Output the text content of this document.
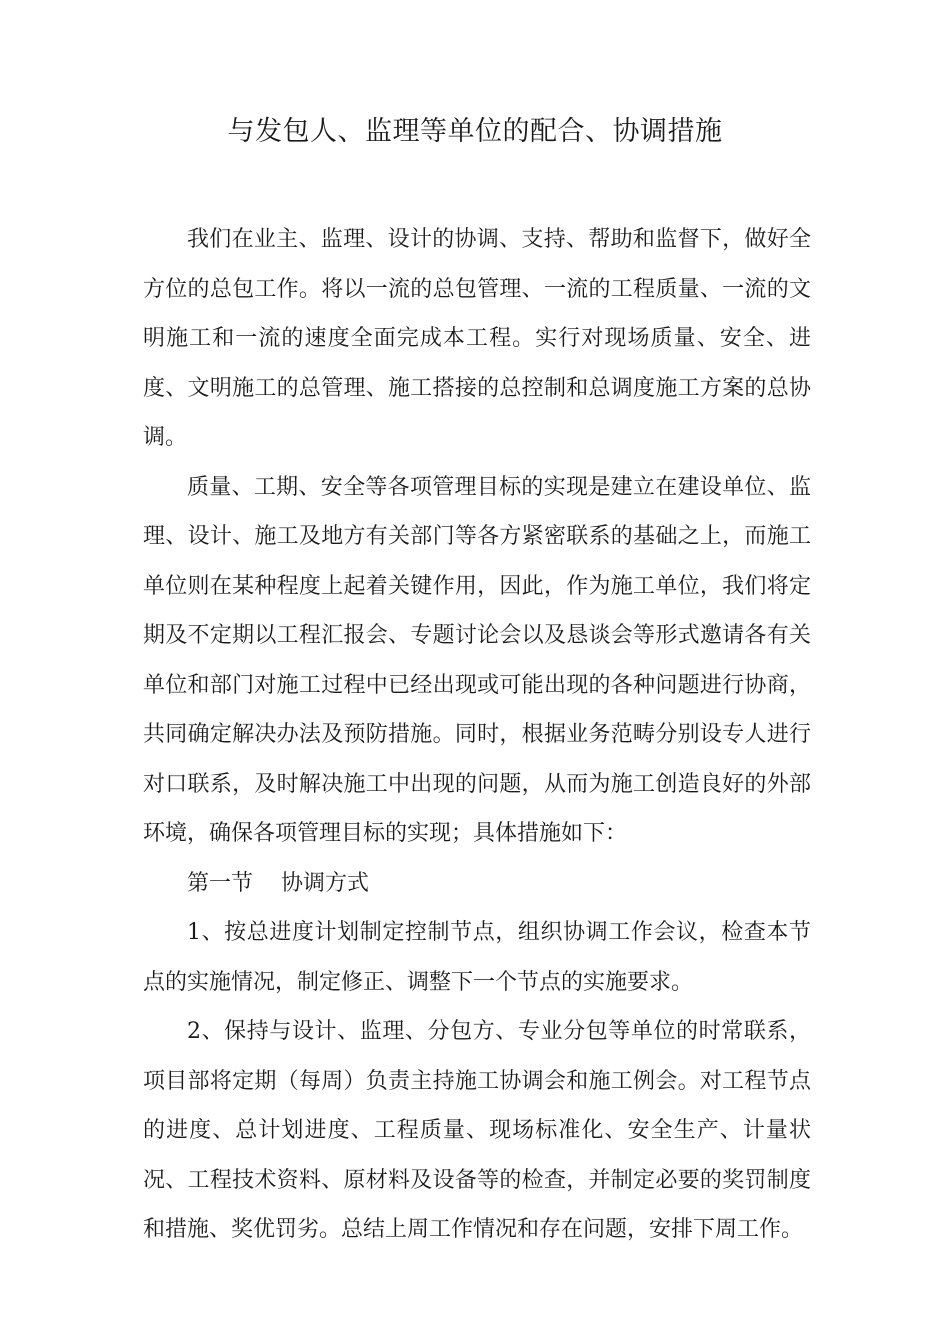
与发包人、监理等单位的配合、协调措施

我们在业主、监理、设计的协调、支持、帮助和监督下，做好全方位的总包工作。将以一流的总包管理、一流的工程质量、一流的文明施工和一流的速度全面完成本工程。实行对现场质量、安全、进度、文明施工的总管理、施工搭接的总控制和总调度施工方案的总协调。

质量、工期、安全等各项管理目标的实现是建立在建设单位、监理、设计、施工及地方有关部门等各方紧密联系的基础之上，而施工单位则在某种程度上起着关键作用，因此，作为施工单位，我们将定期及不定期以工程汇报会、专题讨论会以及恳谈会等形式邀请各有关单位和部门对施工过程中已经出现或可能出现的各种问题进行协商，共同确定解决办法及预防措施。同时，根据业务范畴分别设专人进行对口联系，及时解决施工中出现的问题，从而为施工创造良好的外部环境，确保各项管理目标的实现；具体措施如下：

第一节    协调方式

1、按总进度计划制定控制节点，组织协调工作会议，检查本节点的实施情况，制定修正、调整下一个节点的实施要求。

2、保持与设计、监理、分包方、专业分包等单位的时常联系，项目部将定期（每周）负责主持施工协调会和施工例会。对工程节点的进度、总计划进度、工程质量、现场标准化、安全生产、计量状况、工程技术资料、原材料及设备等的检查，并制定必要的奖罚制度和措施、奖优罚劣。总结上周工作情况和存在问题，安排下周工作。
